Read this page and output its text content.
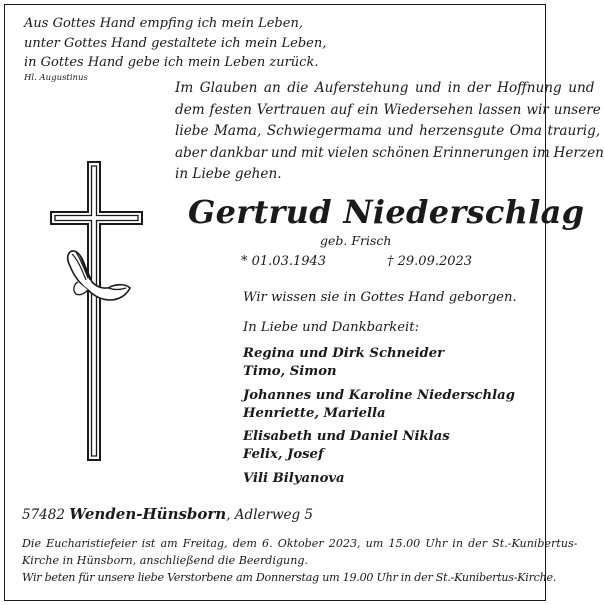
Aus Gottes Hand empfing ich mein Leben,
unter Gottes Hand gestaltete ich mein Leben,
in Gottes Hand gebe ich mein Leben zurück.
Hl. Augustinus
Im Glauben an die Auferstehung und in der Hoffnung und
dem festen Vertrauen auf ein Wiedersehen lassen wir unsere
liebe Mama, Schwiegermama und herzensgute Oma traurig,
aber dankbar und mit vielen schönen Erinnerungen im Herzen
in Liebe gehen.
Gertrud Niederschlag
geb. Frisch
* 01.03.1943	† 29.09.2023
Wir wissen sie in Gottes Hand geborgen.
In Liebe und Dankbarkeit:
Regina und Dirk Schneider
Timo, Simon
Johannes und Karoline Niederschlag
Henriette, Mariella
Elisabeth und Daniel Niklas
Felix, Josef
Vili Bilyanova
57482 Wenden-Hünsborn, Adlerweg 5
Die Eucharistiefeier ist am Freitag, dem 6. Oktober 2023, um 15.00 Uhr in der St.-Kunibertus-
Kirche in Hünsborn, anschließend die Beerdigung.
Wir beten für unsere liebe Verstorbene am Donnerstag um 19.00 Uhr in der St.-Kunibertus-Kirche.
